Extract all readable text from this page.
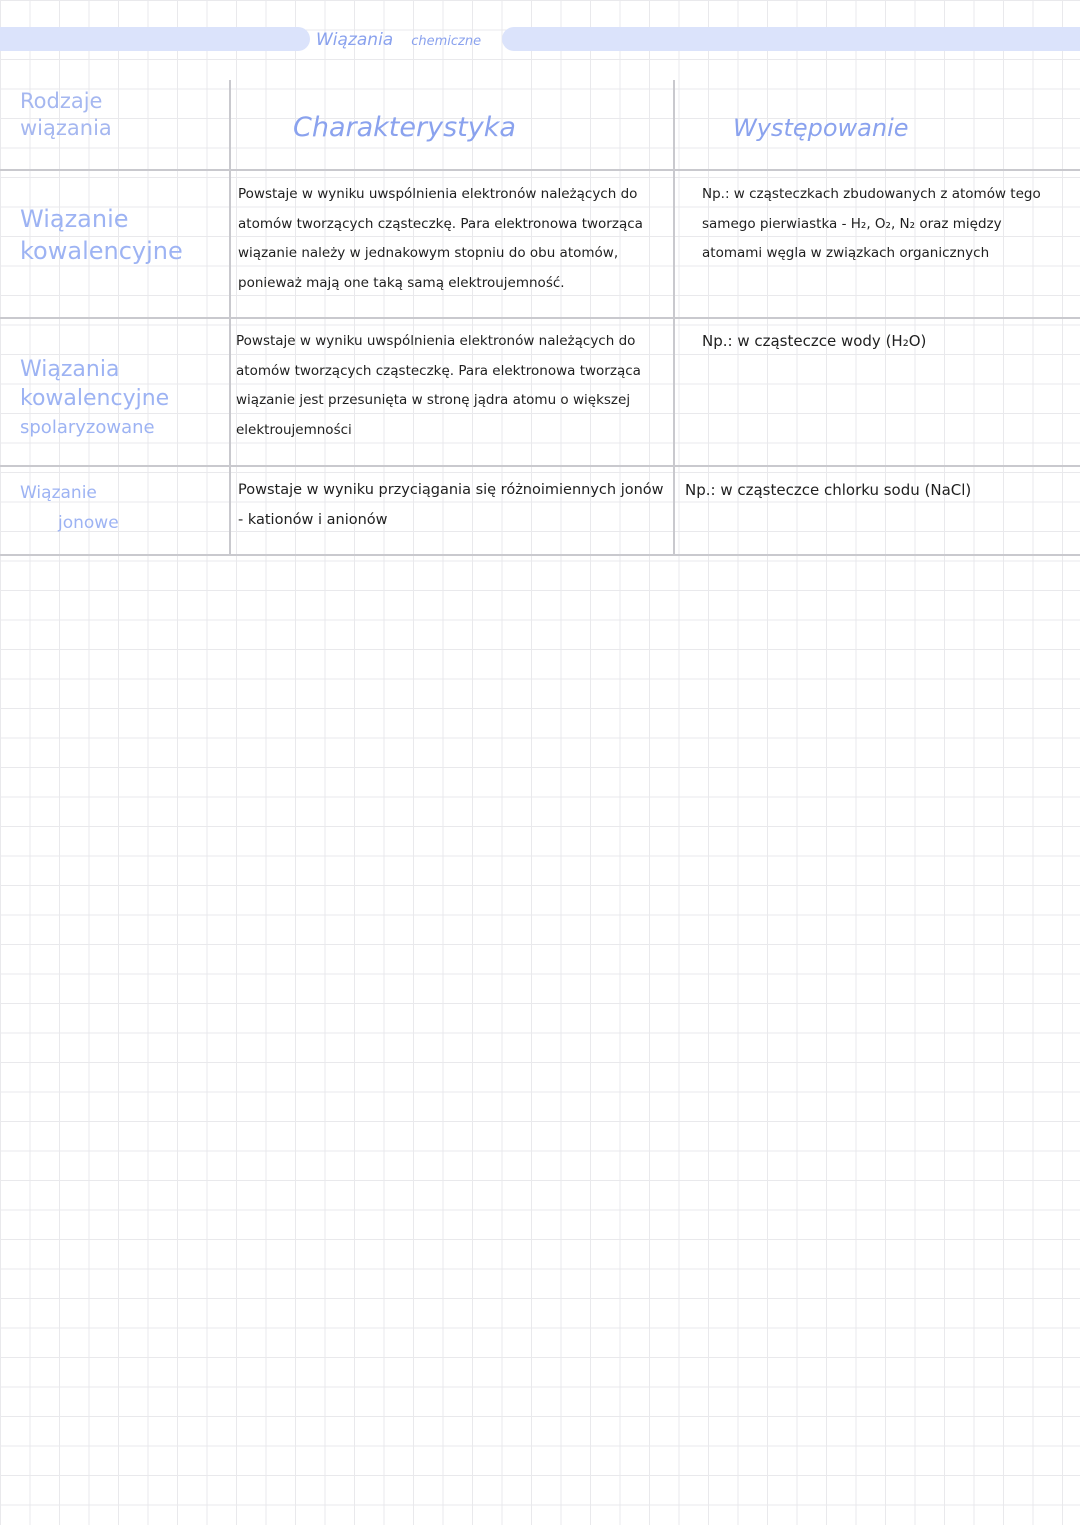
Wiązania chemiczne
Rodzaje
wiązania	Charakterystyka	Występowanie
Wiązanie
kowalencyjne
Powstaje w wyniku uwspólnienia elektronów należących do atomów tworzących cząsteczkę. Para elektronowa tworząca wiązanie należy w jednakowym stopniu do obu atomów, ponieważ mają one taką samą elektroujemność.
Np.: w cząsteczkach zbudowanych z atomów tego samego pierwiastka - H₂, O₂, N₂ oraz między atomami węgla w związkach organicznych
Wiązania
kowalencyjne
spolaryzowane
Powstaje w wyniku uwspólnienia elektronów należących do atomów tworzących cząsteczkę. Para elektronowa tworząca wiązanie jest przesunięta w stronę jądra atomu o większej elektroujemności
Np.: w cząsteczce wody (H₂O)
Wiązanie
jonowe
Powstaje w wyniku przyciągania się różnoimiennych jonów - kationów i anionów
Np.: w cząsteczce chlorku sodu (NaCl)
